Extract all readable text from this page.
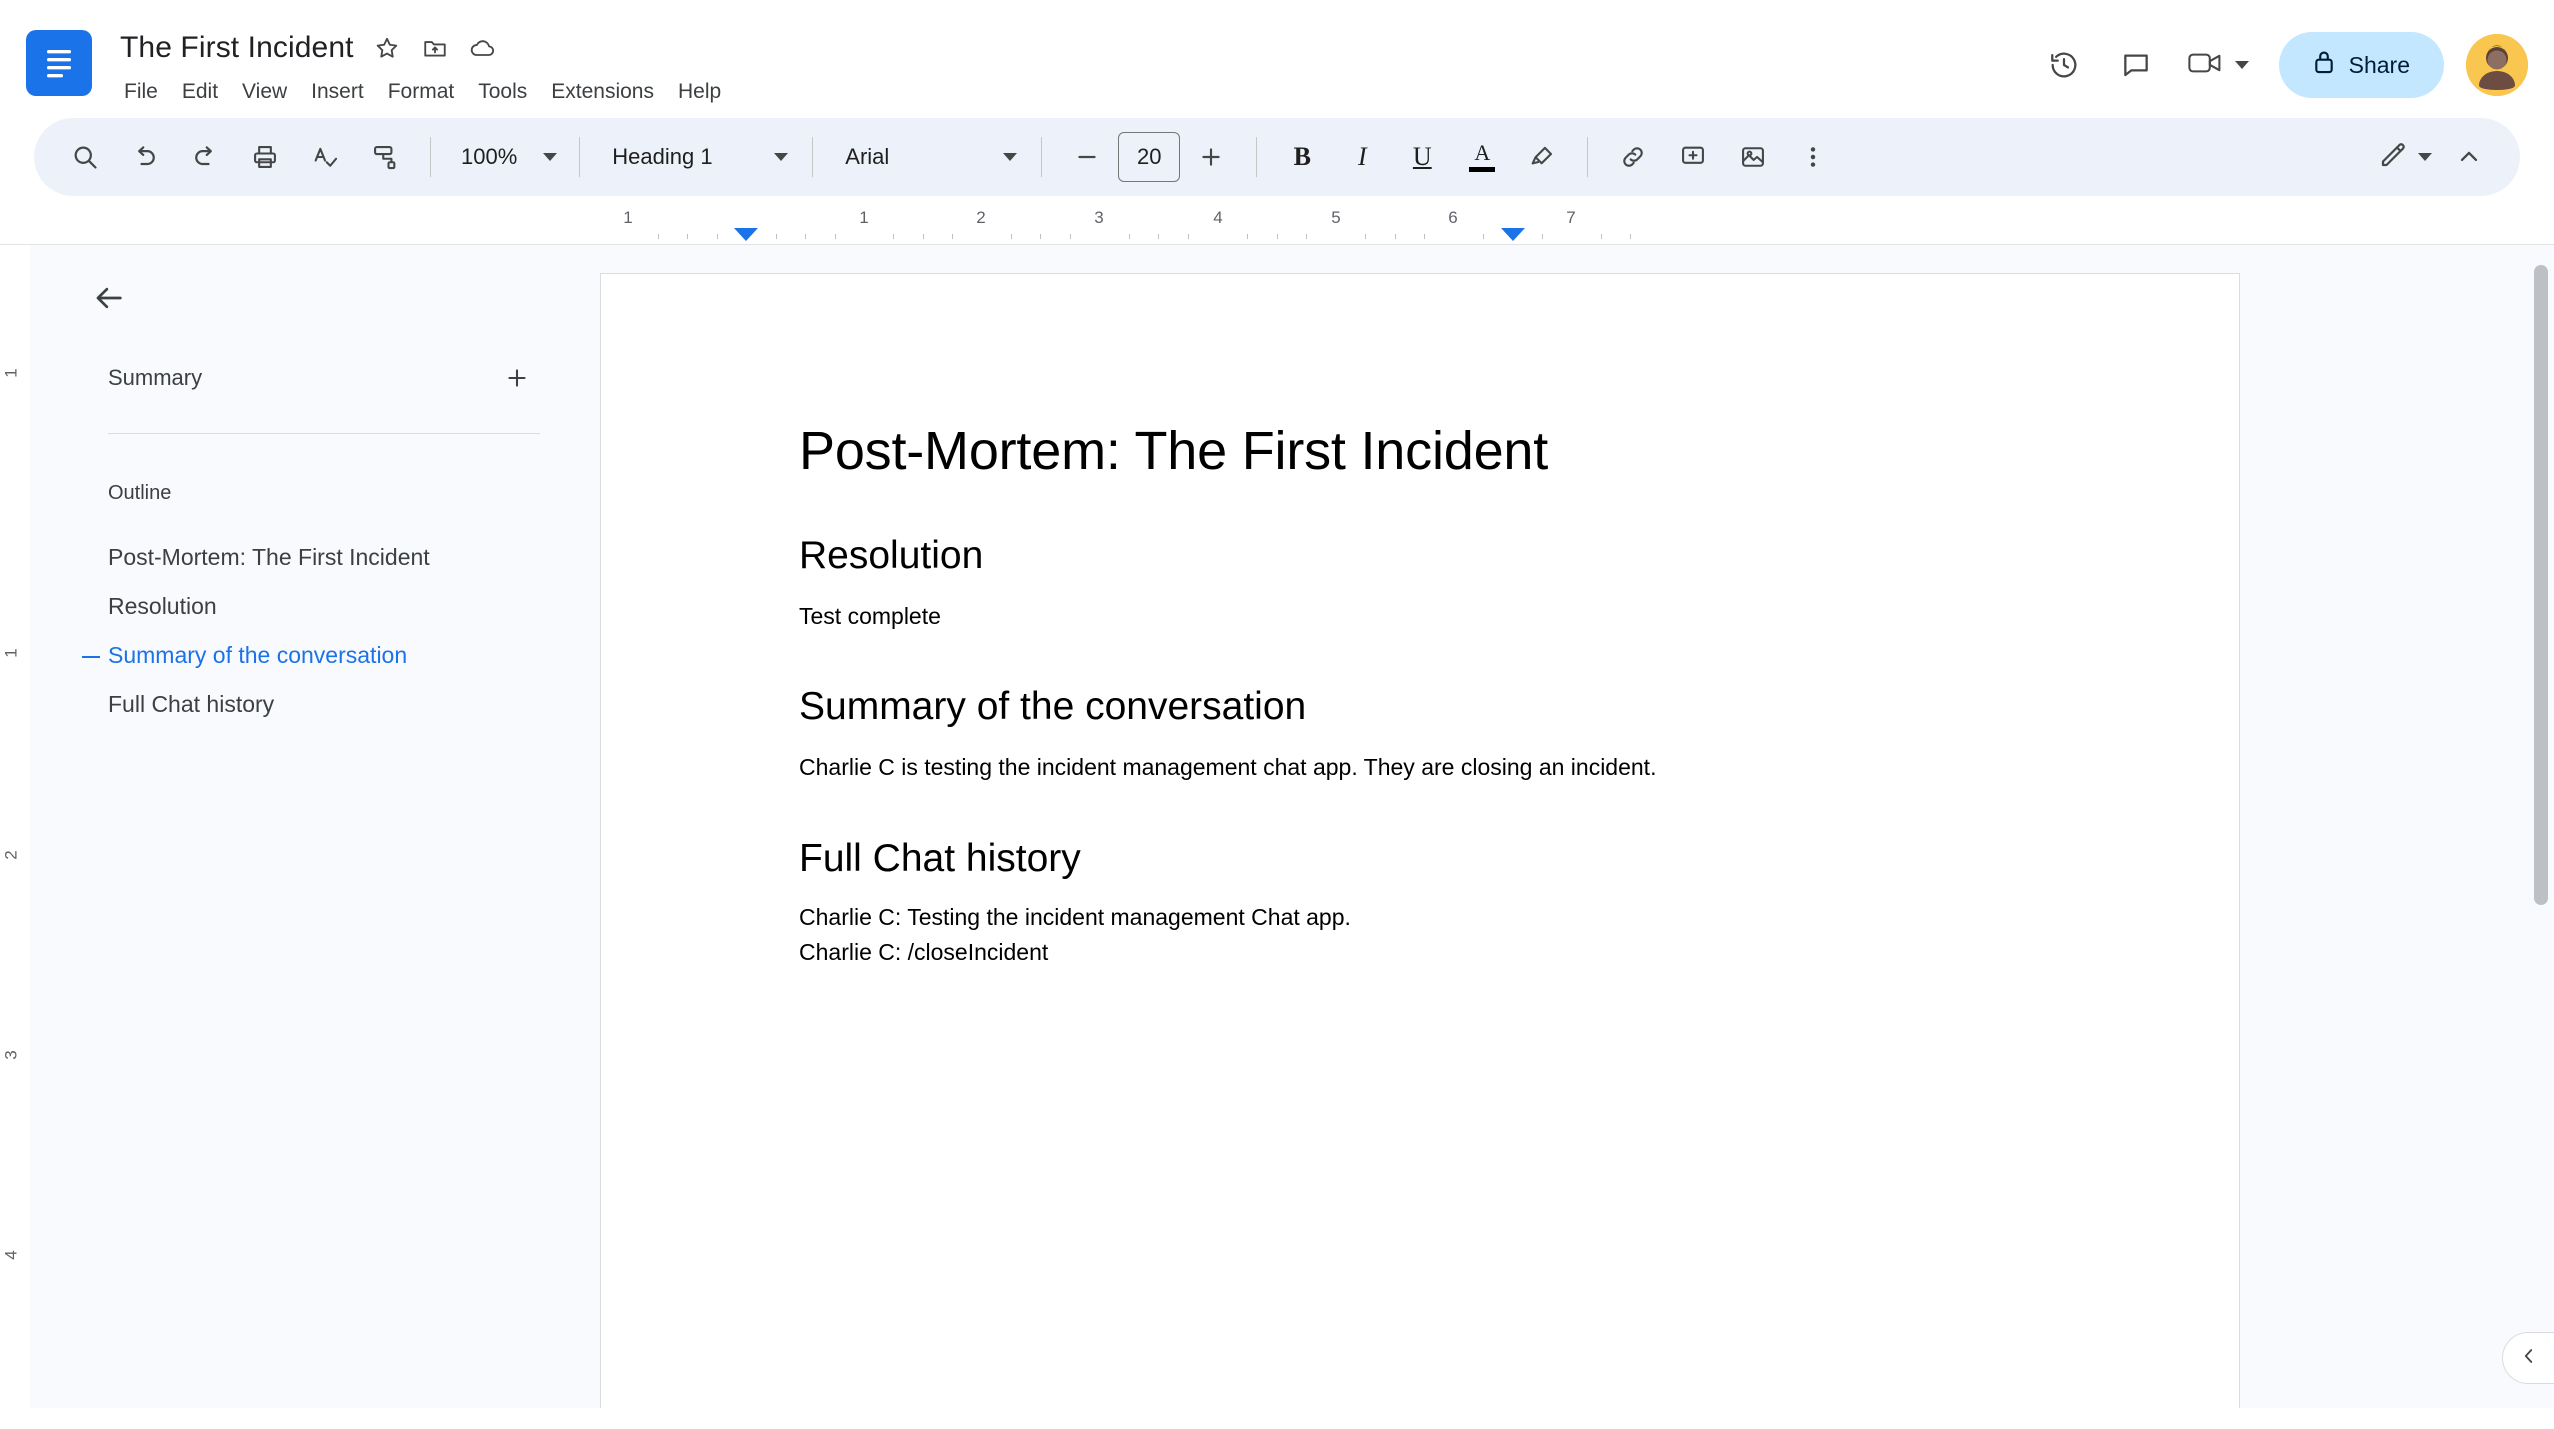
The First Incident
File	Edit	View	Insert	Format	Tools	Extensions	Help
Share
100%	Heading 1	Arial	20	B I U A
1	1	2	3	4	5	6	7
1
1
2
3
4
Summary
Outline
Post-Mortem: The First Incident
Resolution
Summary of the conversation
Full Chat history
Post-Mortem: The First Incident
Resolution

Test complete

Summary of the conversation

Charlie C is testing the incident management chat app. They are closing an incident.

Full Chat history

Charlie C: Testing the incident management Chat app.

Charlie C: /closeIncident
